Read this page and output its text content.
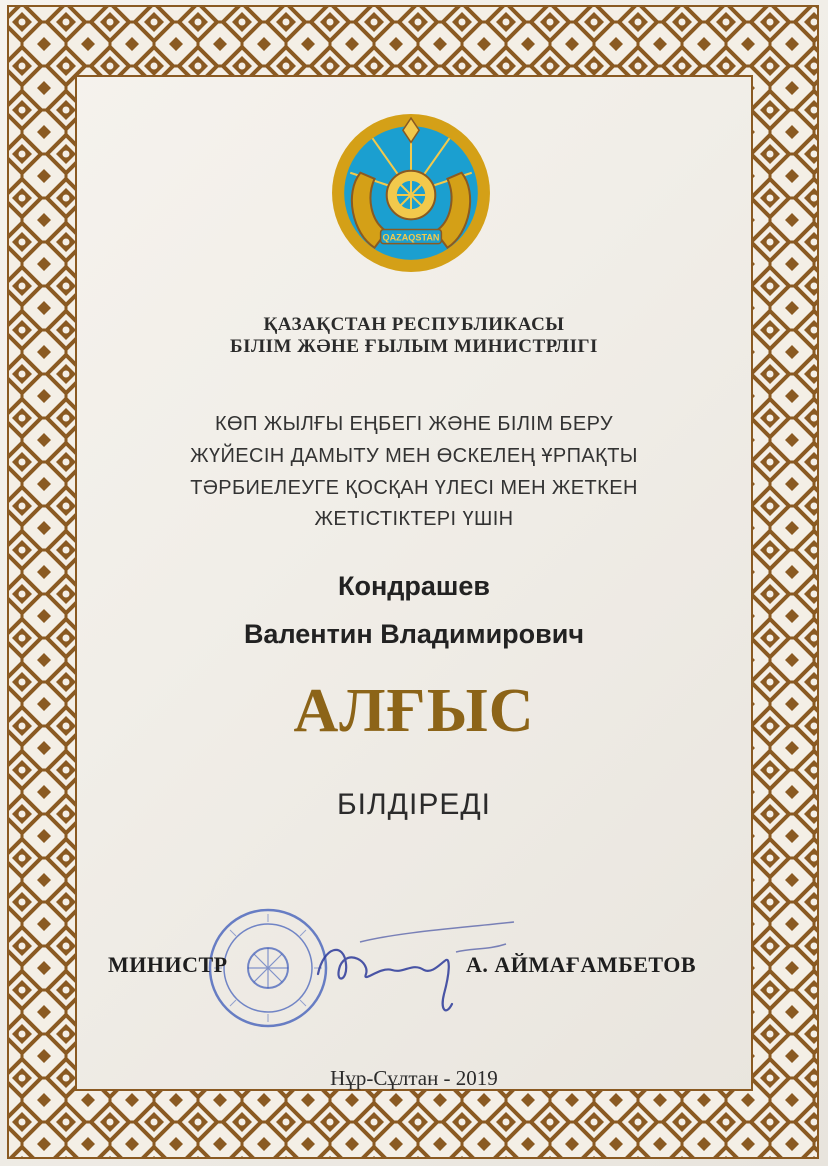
QAZAQSTAN
ҚАЗАҚСТАН РЕСПУБЛИКАСЫ
БІЛІМ ЖӘНЕ ҒЫЛЫМ МИНИСТРЛІГІ
КӨП ЖЫЛҒЫ ЕҢБЕГІ ЖӘНЕ БІЛІМ БЕРУ
ЖҮЙЕСІН ДАМЫТУ МЕН ӨСКЕЛЕҢ ҰРПАҚТЫ
ТӘРБИЕЛЕУГЕ ҚОСҚАН ҮЛЕСІ МЕН ЖЕТКЕН
ЖЕТІСТІКТЕРІ ҮШІН
Кондрашев
Валентин Владимирович
АЛҒЫС
БІЛДІРЕДІ
МИНИСТР	А. АЙМАҒАМБЕТОВ
Нұр-Сұлтан - 2019
